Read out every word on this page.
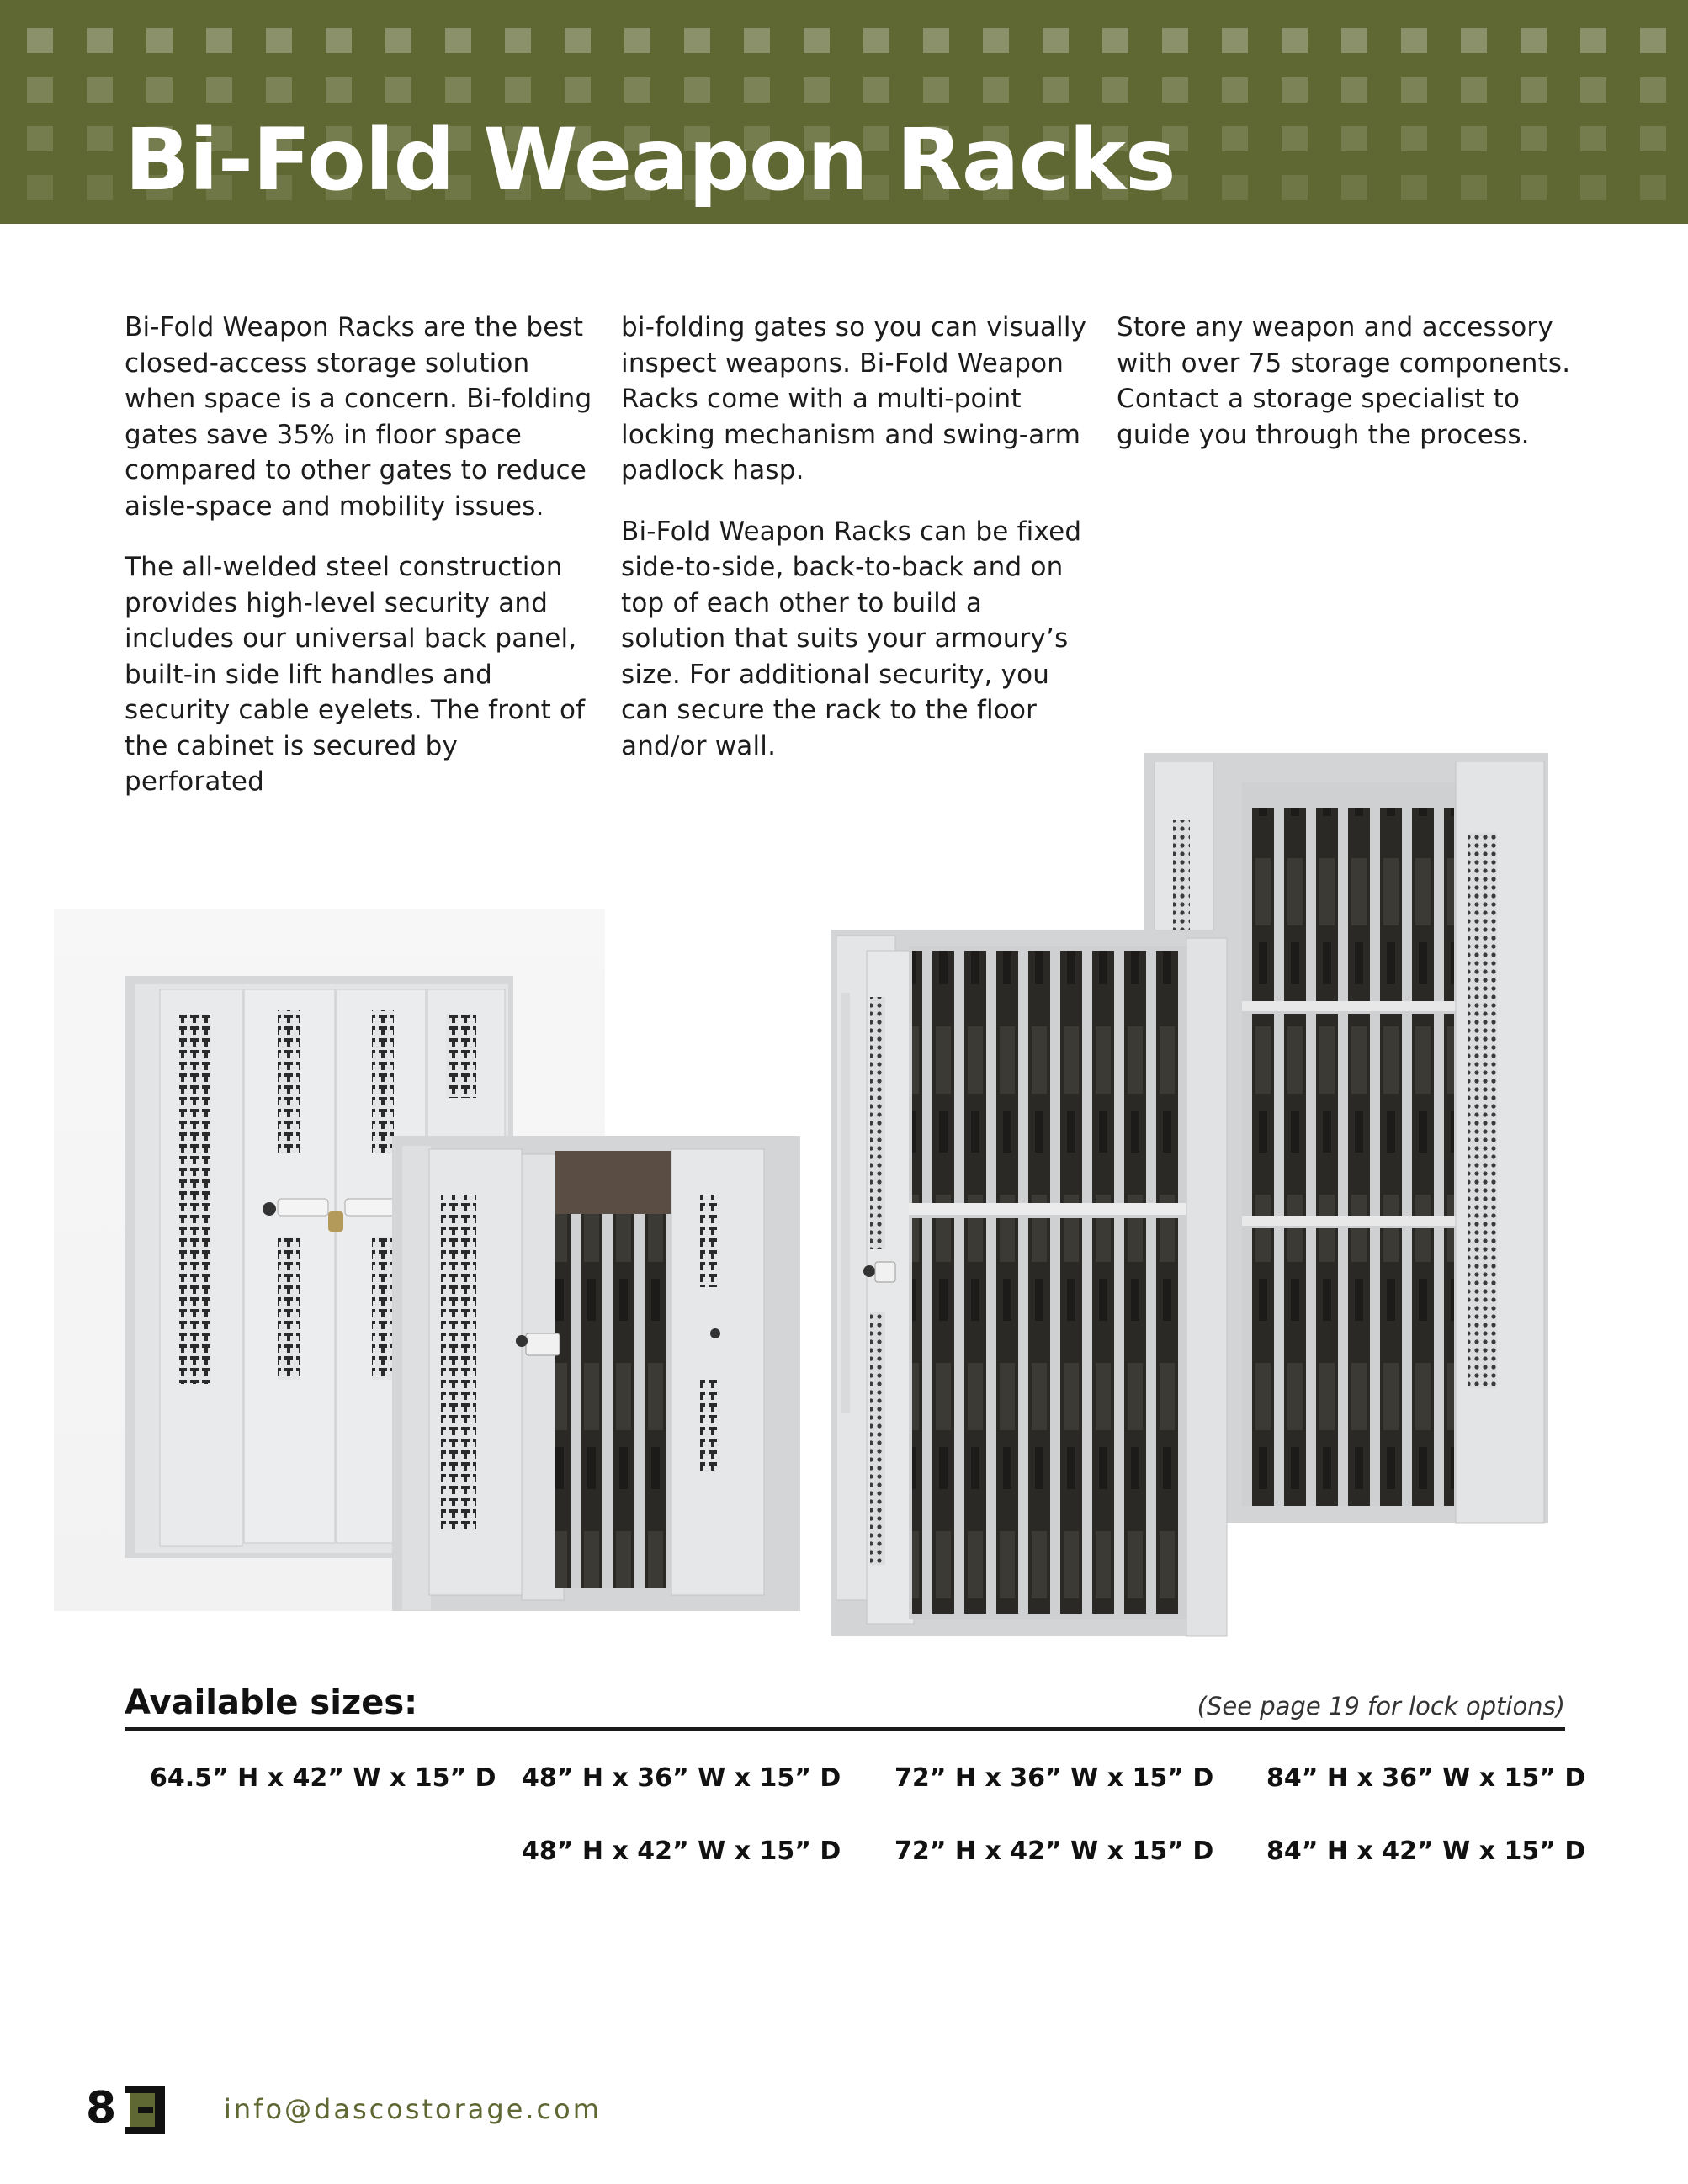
Bi-Fold Weapon Racks

Bi-Fold Weapon Racks are the best closed-access storage solution when space is a concern. Bi-folding gates save 35% in floor space compared to other gates to reduce aisle-space and mobility issues.

The all-welded steel construction provides high-level security and includes our universal back panel, built-in side lift handles and security cable eyelets. The front of the cabinet is secured by perforated

bi-folding gates so you can visually inspect weapons. Bi-Fold Weapon Racks come with a multi-point locking mechanism and swing-arm padlock hasp.

Bi-Fold Weapon Racks can be fixed side-to-side, back-to-back and on top of each other to build a solution that suits your armoury’s size. For additional security, you can secure the rack to the floor and/or wall.

Store any weapon and accessory with over 75 storage components. Contact a storage specialist to guide you through the process.

Available sizes:	(See page 19 for lock options)
64.5” H x 42” W x 15” D 48” H x 36” W x 15” D 72” H x 36” W x 15” D 84” H x 36” W x 15” D
48” H x 42” W x 15” D 72” H x 42” W x 15” D 84” H x 42” W x 15” D
8	info@dascostorage.com
